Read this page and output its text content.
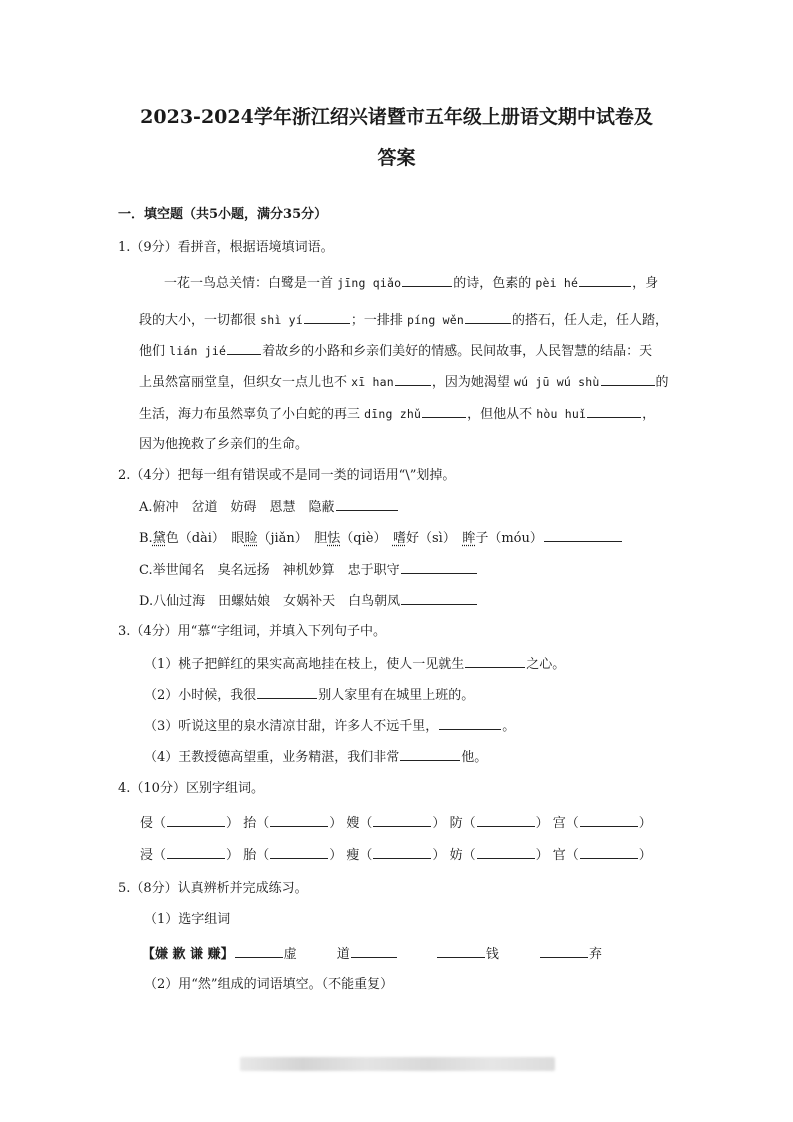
2023-2024学年浙江绍兴诸暨市五年级上册语文期中试卷及
答案
一．填空题（共5小题，满分35分）
1.（9分）看拼音，根据语境填词语。
一花一鸟总关情：白鹭是一首 jīng qiǎo	的诗，色素的 pèi hé	，身
段的大小，一切都很 shì yí	；一排排 píng wěn	的搭石，任人走，任人踏，
他们 lián jié	着故乡的小路和乡亲们美好的情感。民间故事，人民智慧的结晶：天
上虽然富丽堂皇，但织女一点儿也不 xī han	，因为她渴望 wú jū wú shù	的
生活，海力布虽然辜负了小白蛇的再三 dīng zhǔ	，但他从不 hòu huǐ	，
因为他挽救了乡亲们的生命。
2.（4分）把每一组有错误或不是同一类的词语用“\”划掉。
A.俯冲　岔道　妨碍　恩慧　隐蔽
B.黛色（dài）　眼睑（jiǎn）　胆怯（qiè）　嗜好（sì）　眸子（móu）
C.举世闻名　臭名远扬　神机妙算　忠于职守
D.八仙过海　田螺姑娘　女娲补天　白鸟朝凤
3.（4分）用“慕“字组词，并填入下列句子中。
（1）桃子把鲜红的果实高高地挂在枝上，使人一见就生	之心。
（2）小时候，我很	别人家里有在城里上班的。
（3）听说这里的泉水清凉甘甜，许多人不远千里，	。
（4）王教授德高望重，业务精湛，我们非常	他。
4.（10分）区别字组词。
侵（	） 抬（	） 嫂（	） 防（	） 宫（	）
浸（	） 胎（	） 瘦（	） 妨（	） 官（	）
5.（8分）认真辨析并完成练习。
（1）选字组词
【嫌 歉 谦 赚】	虚	道	钱	弃
（2）用“然”组成的词语填空。（不能重复）
